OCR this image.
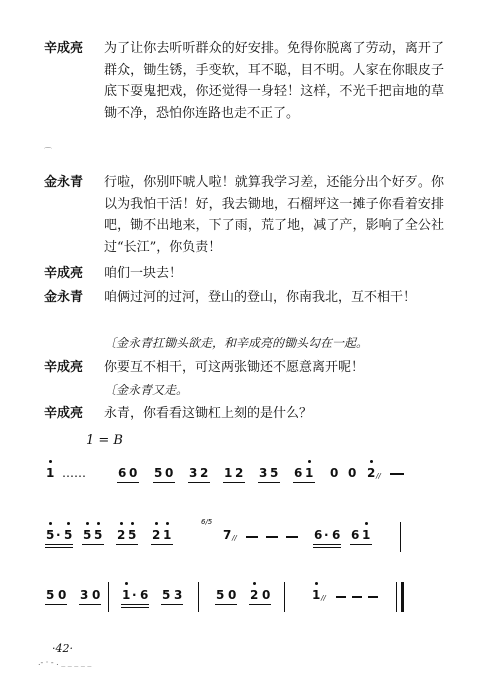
辛成亮	为了让你去听听群众的好安排。免得你脱离了劳动，离开了群众，锄生锈，手变软，耳不聪，目不明。人家在你眼皮子底下耍鬼把戏，你还觉得一身轻！这样，不光千把亩地的草锄不净，恐怕你连路也走不正了。
⌒
金永青	行啦，你别吓唬人啦！就算我学习差，还能分出个好歹。你以为我怕干活！好，我去锄地，石榴坪这一摊子你看着安排吧，锄不出地来，下了雨，荒了地，减了产，影响了全公社过“长江”，你负责！
辛成亮	咱们一块去！
金永青	咱俩过河的过河，登山的登山，你南我北，互不相干！
〔金永青扛锄头欲走，和辛成亮的锄头勾在一起。
辛成亮	你要互不相干，可这两张锄还不愿意离开呢！
〔金永青又走。
辛成亮	永青，你看看这锄杠上刻的是什么？
1 = B
1 ……	6 0 5 0 3 2 1 2 3 5 6 1 0 0 2 //
5 · 5 5 5 2 5 2 1
6/5
7 //	6 · 6 6 1
5 0 3 0 1 · 6 5 3	5 0 2 0	1 //
·42·
.- · - . _ _ _ _ _
